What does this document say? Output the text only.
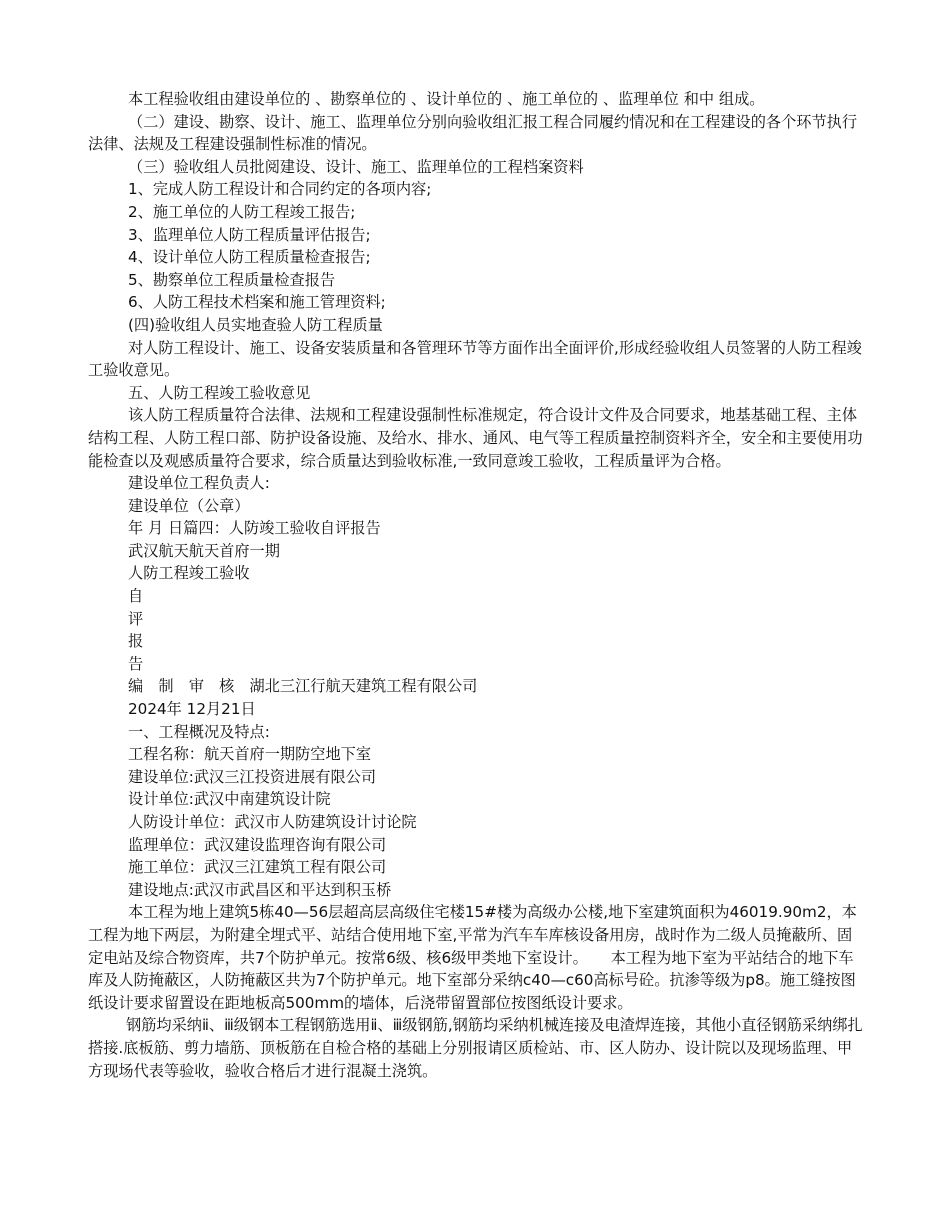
本工程验收组由建设单位的 、勘察单位的 、设计单位的 、施工单位的 、监理单位 和中 组成。

（二）建设、勘察、设计、施工、监理单位分别向验收组汇报工程合同履约情况和在工程建设的各个环节执行法律、法规及工程建设强制性标准的情况。

（三）验收组人员批阅建设、设计、施工、监理单位的工程档案资料

1、完成人防工程设计和合同约定的各项内容;

2、施工单位的人防工程竣工报告;

3、监理单位人防工程质量评估报告;

4、设计单位人防工程质量检查报告;

5、勘察单位工程质量检查报告

6、人防工程技术档案和施工管理资料;

(四)验收组人员实地查验人防工程质量

对人防工程设计、施工、设备安装质量和各管理环节等方面作出全面评价,形成经验收组人员签署的人防工程竣工验收意见。

五、人防工程竣工验收意见

该人防工程质量符合法律、法规和工程建设强制性标准规定，符合设计文件及合同要求，地基基础工程、主体结构工程、人防工程口部、防护设备设施、及给水、排水、通风、电气等工程质量控制资料齐全，安全和主要使用功能检查以及观感质量符合要求，综合质量达到验收标准,一致同意竣工验收，工程质量评为合格。

建设单位工程负责人:

建设单位（公章）

年 月 日篇四：人防竣工验收自评报告

武汉航天航天首府一期

人防工程竣工验收

自

评

报

告

编　制　审　核　湖北三江行航天建筑工程有限公司

2024年 12月21日

一、工程概况及特点:

工程名称：航天首府一期防空地下室

建设单位:武汉三江投资进展有限公司

设计单位:武汉中南建筑设计院

人防设计单位：武汉市人防建筑设计讨论院

监理单位：武汉建设监理咨询有限公司

施工单位：武汉三江建筑工程有限公司

建设地点:武汉市武昌区和平达到积玉桥

本工程为地上建筑5栋40—56层超高层高级住宅楼15#楼为高级办公楼,地下室建筑面积为46019.90m2，本工程为地下两层，为附建全埋式平、站结合使用地下室,平常为汽车车库核设备用房，战时作为二级人员掩蔽所、固定电站及综合物资库，共7个防护单元。按常6级、核6级甲类地下室设计。　　本工程为地下室为平站结合的地下车库及人防掩蔽区，人防掩蔽区共为7个防护单元。地下室部分采纳c40—c60高标号砼。抗渗等级为p8。施工缝按图纸设计要求留置设在距地板高500mm的墙体，后浇带留置部位按图纸设计要求。

钢筋均采纳ⅱ、ⅲ级钢本工程钢筋选用ⅱ、ⅲ级钢筋,钢筋均采纳机械连接及电渣焊连接，其他小直径钢筋采纳绑扎搭接.底板筋、剪力墙筋、顶板筋在自检合格的基础上分别报请区质检站、市、区人防办、设计院以及现场监理、甲方现场代表等验收，验收合格后才进行混凝土浇筑。
